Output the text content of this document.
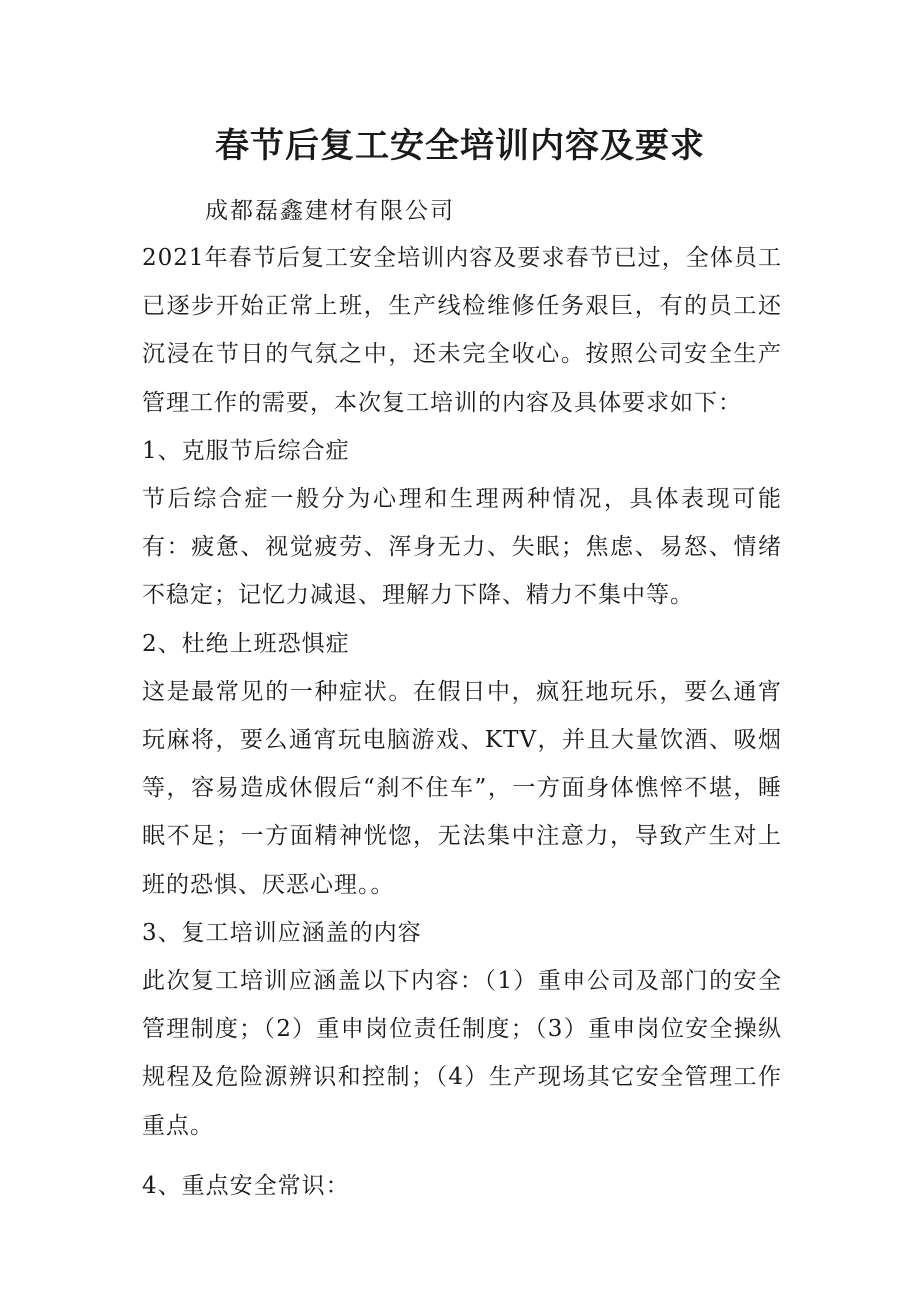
春节后复工安全培训内容及要求
成都磊鑫建材有限公司

2021年春节后复工安全培训内容及要求春节已过，全体员工已逐步开始正常上班，生产线检维修任务艰巨，有的员工还沉浸在节日的气氛之中，还未完全收心。按照公司安全生产管理工作的需要，本次复工培训的内容及具体要求如下：

1、克服节后综合症

节后综合症一般分为心理和生理两种情况，具体表现可能有：疲惫、视觉疲劳、浑身无力、失眠；焦虑、易怒、情绪不稳定；记忆力减退、理解力下降、精力不集中等。

2、杜绝上班恐惧症

这是最常见的一种症状。在假日中，疯狂地玩乐，要么通宵玩麻将，要么通宵玩电脑游戏、KTV，并且大量饮酒、吸烟等，容易造成休假后“刹不住车”，一方面身体憔悴不堪，睡眠不足；一方面精神恍惚，无法集中注意力，导致产生对上班的恐惧、厌恶心理。。

3、复工培训应涵盖的内容

此次复工培训应涵盖以下内容：（1）重申公司及部门的安全管理制度；（2）重申岗位责任制度；（3）重申岗位安全操纵规程及危险源辨识和控制；（4）生产现场其它安全管理工作重点。

4、重点安全常识：
